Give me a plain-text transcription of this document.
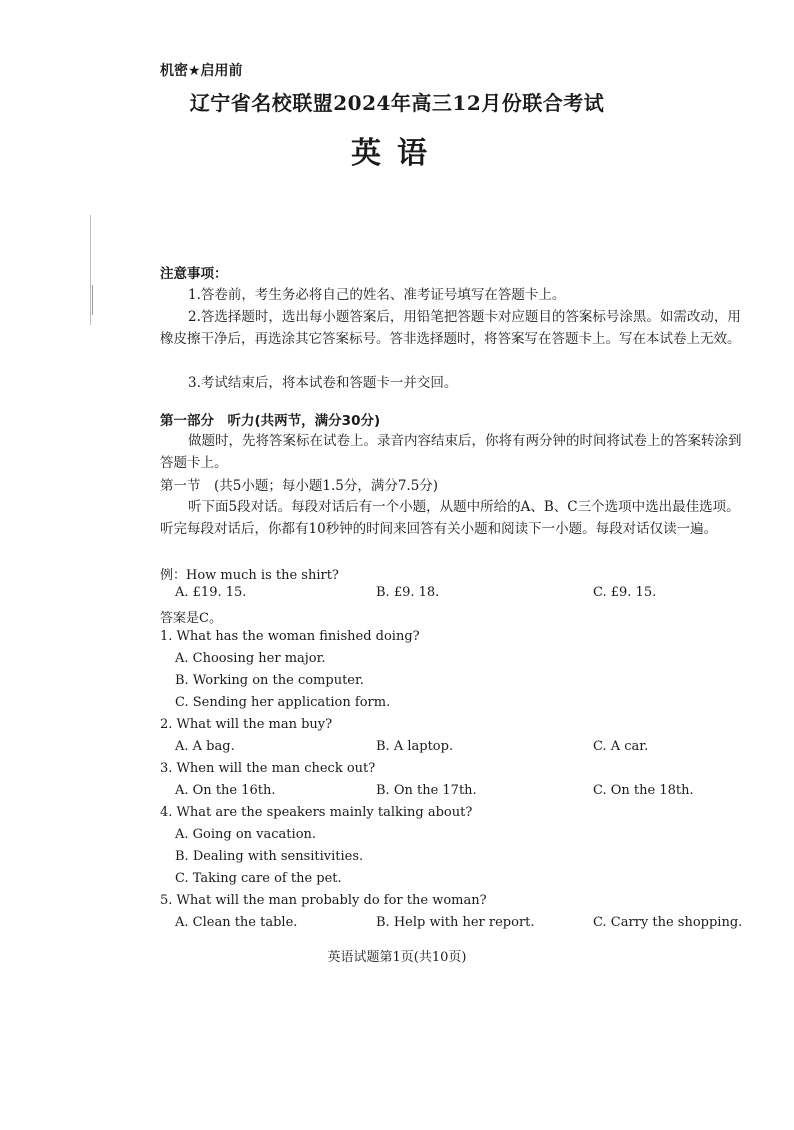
机密★启用前
辽宁省名校联盟2024年高三12月份联合考试
英语
注意事项：
1.答卷前，考生务必将自己的姓名、准考证号填写在答题卡上。
2.答选择题时，选出每小题答案后，用铅笔把答题卡对应题目的答案标号涂黑。如需改动，用橡皮擦干净后，再选涂其它答案标号。答非选择题时，将答案写在答题卡上。写在本试卷上无效。
3.考试结束后，将本试卷和答题卡一并交回。
第一部分　听力(共两节，满分30分)
做题时，先将答案标在试卷上。录音内容结束后，你将有两分钟的时间将试卷上的答案转涂到答题卡上。
第一节　(共5小题；每小题1.5分，满分7.5分)
听下面5段对话。每段对话后有一个小题，从题中所给的A、B、C三个选项中选出最佳选项。听完每段对话后，你都有10秒钟的时间来回答有关小题和阅读下一小题。每段对话仅读一遍。
例：How much is the shirt?
A. £19. 15.	B. £9. 18.	C. £9. 15.
答案是C。
1. What has the woman finished doing?
A. Choosing her major.
B. Working on the computer.
C. Sending her application form.
2. What will the man buy?
A. A bag.	B. A laptop.	C. A car.
3. When will the man check out?
A. On the 16th.	B. On the 17th.	C. On the 18th.
4. What are the speakers mainly talking about?
A. Going on vacation.
B. Dealing with sensitivities.
C. Taking care of the pet.
5. What will the man probably do for the woman?
A. Clean the table.	B. Help with her report.	C. Carry the shopping.
英语试题第1页(共10页)
